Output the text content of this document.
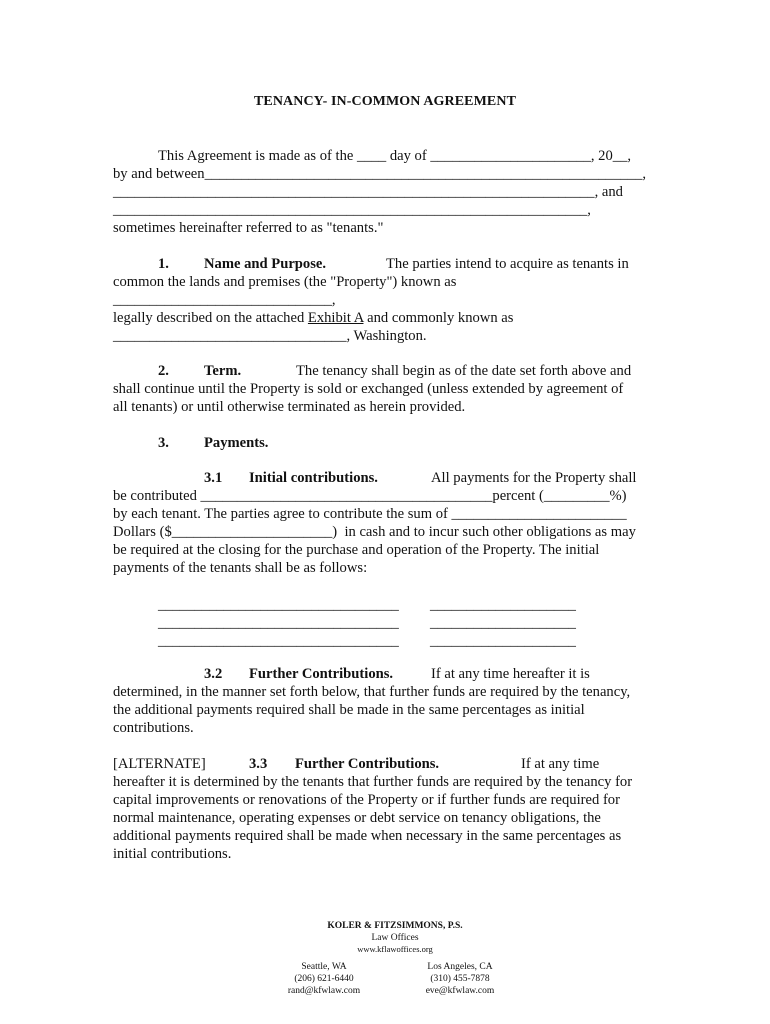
TENANCY- IN-COMMON AGREEMENT
This Agreement is made as of the ____ day of ______________________, 20__,
by and between____________________________________________________________,
__________________________________________________________________, and
_________________________________________________________________,
sometimes hereinafter referred to as "tenants."
1. Name and Purpose.	The parties intend to acquire as tenants in
common the lands and premises (the "Property") known as
______________________________,
legally described on the attached Exhibit A and commonly known as
________________________________, Washington.
2. Term.	The tenancy shall begin as of the date set forth above and
shall continue until the Property is sold or exchanged (unless extended by agreement of
all tenants) or until otherwise terminated as herein provided.
3. Payments.
3.1 Initial contributions.	All payments for the Property shall
be contributed ________________________________________percent (_________%)
by each tenant. The parties agree to contribute the sum of ________________________
Dollars ($______________________)  in cash and to incur such other obligations as may
be required at the closing for the purchase and operation of the Property. The initial
payments of the tenants shall be as follows:
_________________________________ ____________________
_________________________________ ____________________
_________________________________ ____________________
3.2 Further Contributions.	If at any time hereafter it is
determined, in the manner set forth below, that further funds are required by the tenancy,
the additional payments required shall be made in the same percentages as initial
contributions.
[ALTERNATE]	3.3 Further Contributions.	If at any time
hereafter it is determined by the tenants that further funds are required by the tenancy for
capital improvements or renovations of the Property or if further funds are required for
normal maintenance, operating expenses or debt service on tenancy obligations, the
additional payments required shall be made when necessary in the same percentages as
initial contributions.
KOLER & FITZSIMMONS, P.S.
Law Offices
www.kflawoffices.org
Seattle, WA
(206) 621-6440
rand@kfwlaw.com
Los Angeles, CA
(310) 455-7878
eve@kfwlaw.com
